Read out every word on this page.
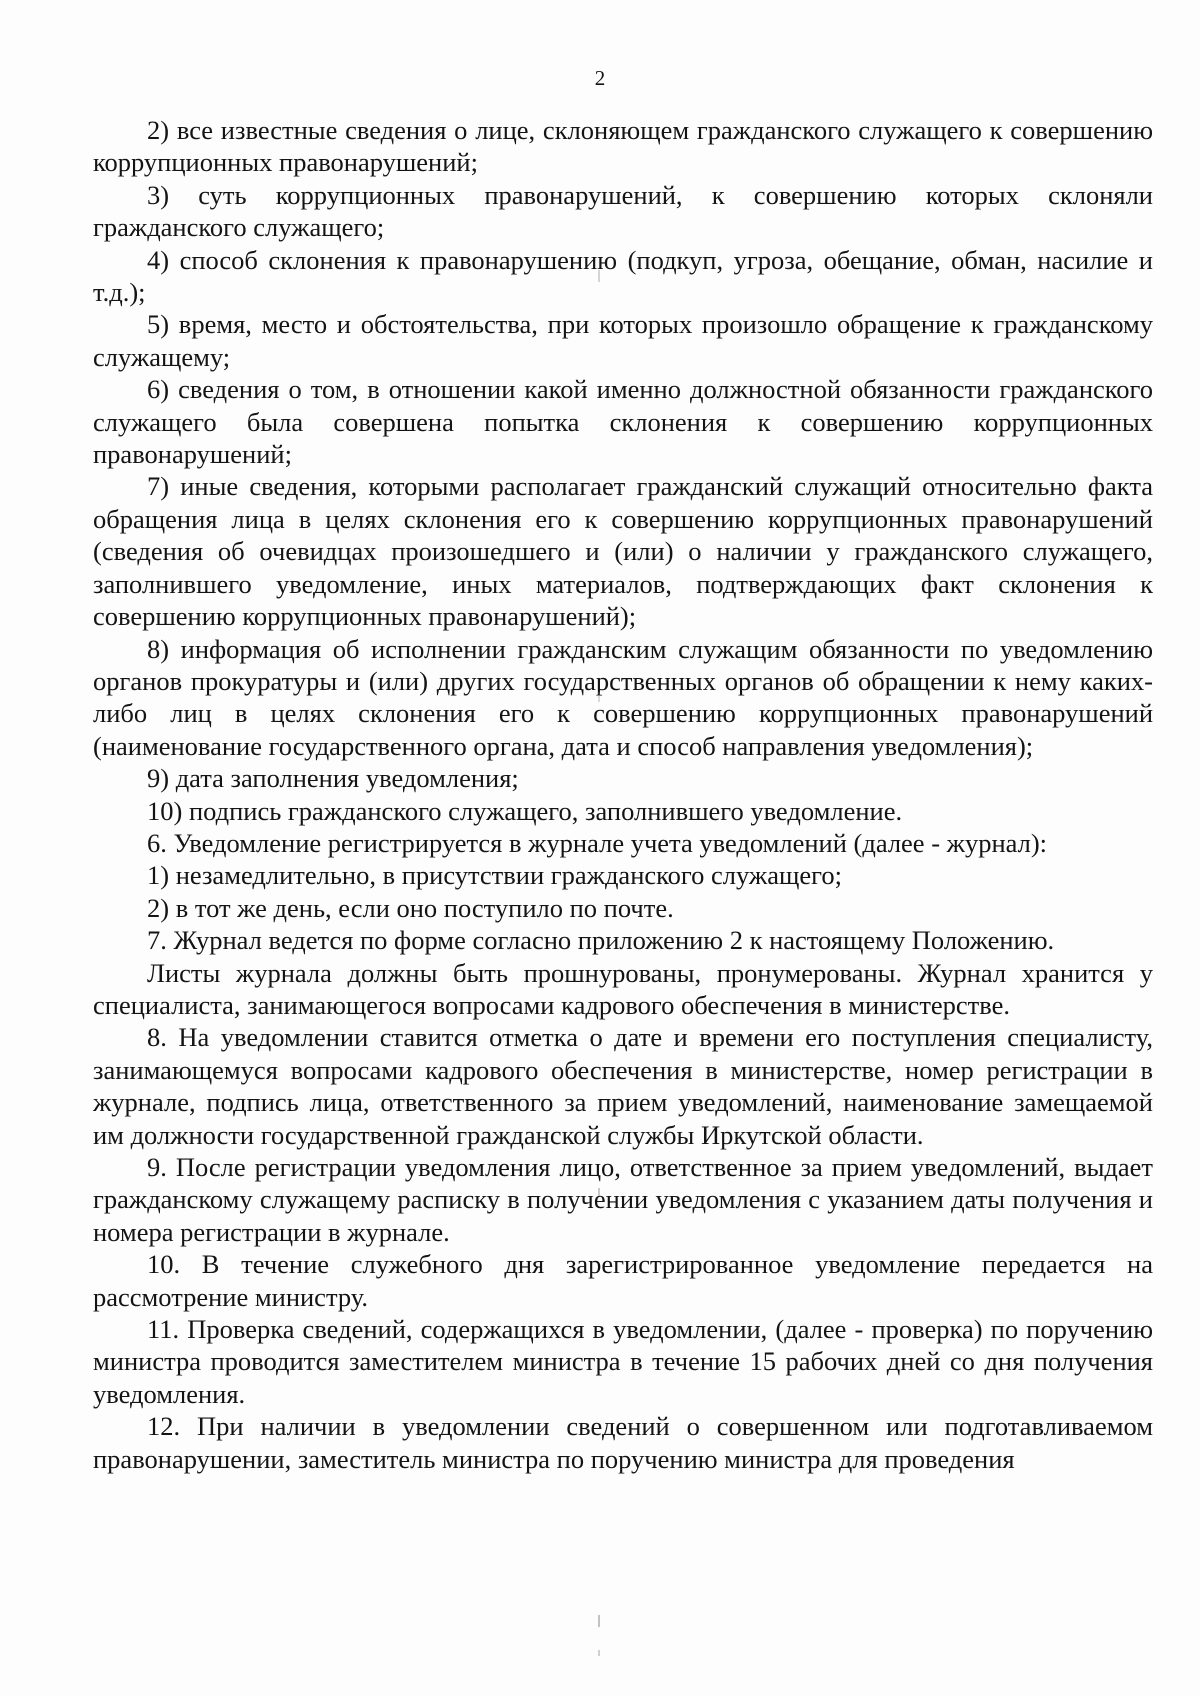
2

2) все известные сведения о лице, склоняющем гражданского служащего к совершению коррупционных правонарушений;

3) суть коррупционных правонарушений, к совершению которых склоняли гражданского служащего;

4) способ склонения к правонарушению (подкуп, угроза, обещание, обман, насилие и т.д.);

5) время, место и обстоятельства, при которых произошло обращение к гражданскому служащему;

6) сведения о том, в отношении какой именно должностной обязанности гражданского служащего была совершена попытка склонения к совершению коррупционных правонарушений;

7) иные сведения, которыми располагает гражданский служащий относительно факта обращения лица в целях склонения его к совершению коррупционных правонарушений (сведения об очевидцах произошедшего и (или) о наличии у гражданского служащего, заполнившего уведомление, иных материалов, подтверждающих факт склонения к совершению коррупционных правонарушений);

8) информация об исполнении гражданским служащим обязанности по уведомлению органов прокуратуры и (или) других государственных органов об обращении к нему каких-либо лиц в целях склонения его к совершению коррупционных правонарушений (наименование государственного органа, дата и способ направления уведомления);

9) дата заполнения уведомления;

10) подпись гражданского служащего, заполнившего уведомление.

6. Уведомление регистрируется в журнале учета уведомлений (далее - журнал):

1) незамедлительно, в присутствии гражданского служащего;

2) в тот же день, если оно поступило по почте.

7. Журнал ведется по форме согласно приложению 2 к настоящему Положению.

Листы журнала должны быть прошнурованы, пронумерованы. Журнал хранится у специалиста, занимающегося вопросами кадрового обеспечения в министерстве.

8. На уведомлении ставится отметка о дате и времени его поступления специалисту, занимающемуся вопросами кадрового обеспечения в министерстве, номер регистрации в журнале, подпись лица, ответственного за прием уведомлений, наименование замещаемой им должности государственной гражданской службы Иркутской области.

9. После регистрации уведомления лицо, ответственное за прием уведомлений, выдает гражданскому служащему расписку в получении уведомления с указанием даты получения и номера регистрации в журнале.

10. В течение служебного дня зарегистрированное уведомление передается на рассмотрение министру.

11. Проверка сведений, содержащихся в уведомлении, (далее - проверка) по поручению министра проводится заместителем министра в течение 15 рабочих дней со дня получения уведомления.

12. При наличии в уведомлении сведений о совершенном или подготавливаемом правонарушении, заместитель министра по поручению министра для проведения
